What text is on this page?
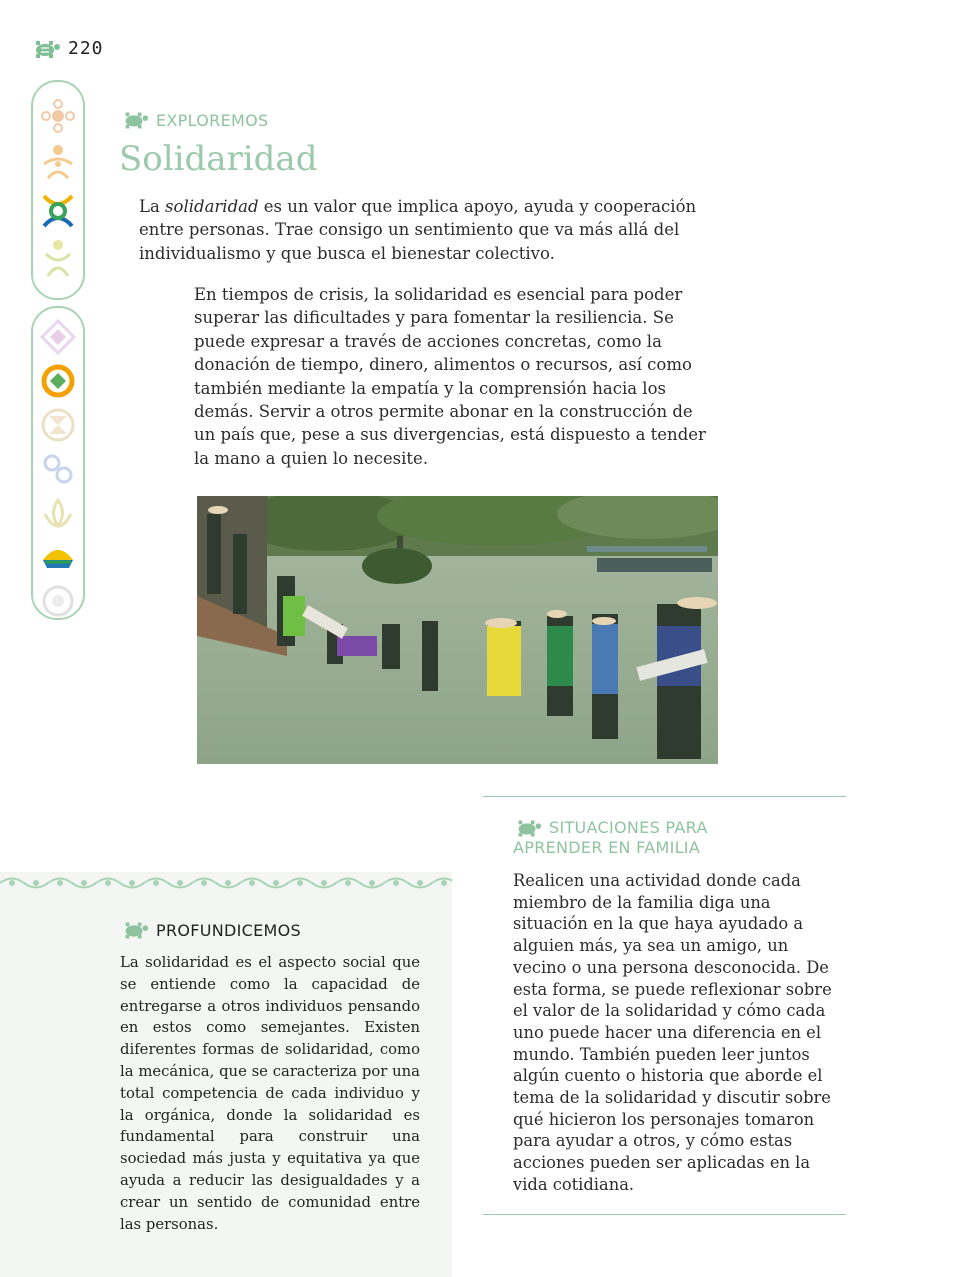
220
EXPLOREMOS
Solidaridad
La solidaridad es un valor que implica apoyo, ayuda y cooperación entre personas. Trae consigo un sentimiento que va más allá del individualismo y que busca el bienestar colectivo.
En tiempos de crisis, la solidaridad es esencial para poder superar las dificultades y para fomentar la resiliencia. Se puede expresar a través de acciones concretas, como la donación de tiempo, dinero, alimentos o recursos, así como también mediante la empatía y la comprensión hacia los demás. Servir a otros permite abonar en la construcción de un país que, pese a sus divergencias, está dispuesto a tender la mano a quien lo necesite.
PROFUNDICEMOS
La solidaridad es el aspecto social que se entiende como la capacidad de entregarse a otros individuos pensando en estos como semejantes. Existen diferentes formas de solidaridad, como la mecánica, que se caracteriza por una total competencia de cada individuo y la orgánica, donde la solidaridad es fundamental para construir una sociedad más justa y equitativa ya que ayuda a reducir las desigualdades y a crear un sentido de comunidad entre las personas.
SITUACIONES PARA
APRENDER EN FAMILIA
Realicen una actividad donde cada miembro de la familia diga una situación en la que haya ayudado a alguien más, ya sea un amigo, un vecino o una persona desconocida. De esta forma, se puede reflexionar sobre el valor de la solidaridad y cómo cada uno puede hacer una diferencia en el mundo. También pueden leer juntos algún cuento o historia que aborde el tema de la solidaridad y discutir sobre qué hicieron los personajes tomaron para ayudar a otros, y cómo estas acciones pueden ser aplicadas en la vida cotidiana.
